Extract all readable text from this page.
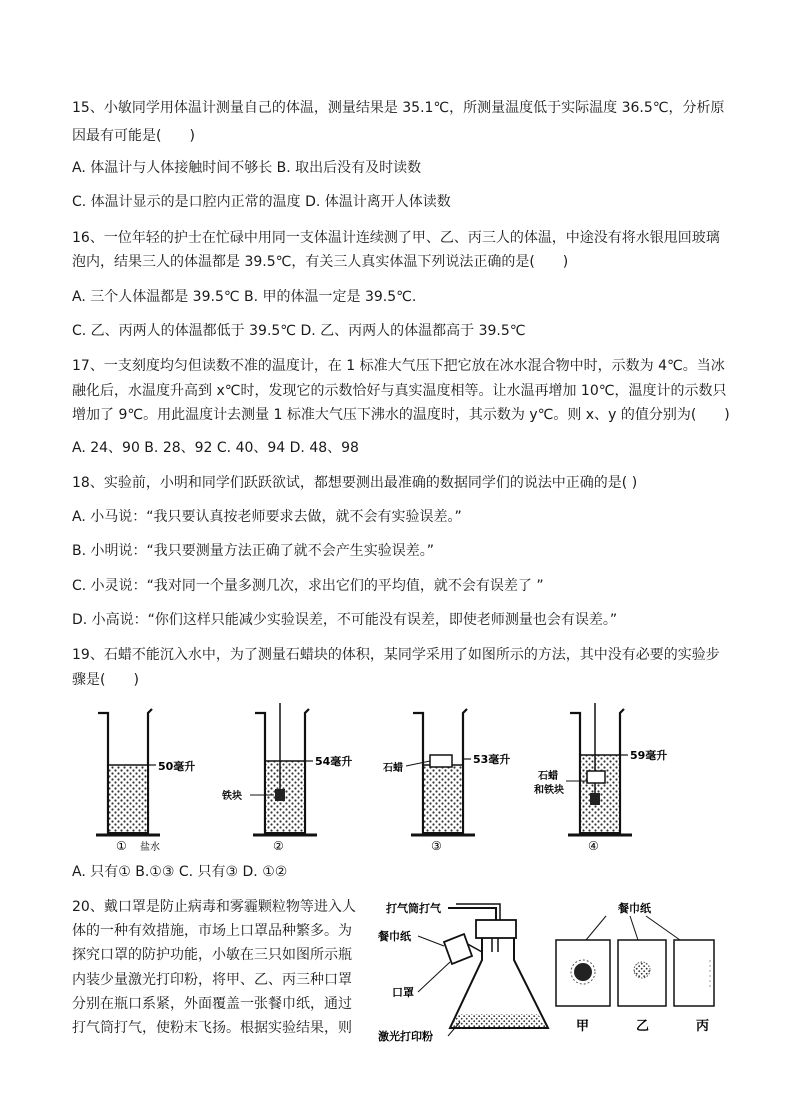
15、小敏同学用体温计测量自己的体温，测量结果是 35.1℃，所测量温度低于实际温度 36.5℃，分析原
因最有可能是(　　)
A. 体温计与人体接触时间不够长 B. 取出后没有及时读数
C. 体温计显示的是口腔内正常的温度 D. 体温计离开人体读数
16、一位年轻的护士在忙碌中用同一支体温计连续测了甲、乙、丙三人的体温，中途没有将水银甩回玻璃
泡内，结果三人的体温都是 39.5℃，有关三人真实体温下列说法正确的是(　　)
A. 三个人体温都是 39.5℃ B. 甲的体温一定是 39.5℃.
C. 乙、丙两人的体温都低于 39.5℃ D. 乙、丙两人的体温都高于 39.5℃
17、一支刻度均匀但读数不准的温度计，在 1 标准大气压下把它放在冰水混合物中时，示数为 4℃。当冰
融化后，水温度升高到 x℃时，发现它的示数恰好与真实温度相等。让水温再增加 10℃，温度计的示数只
增加了 9℃。用此温度计去测量 1 标准大气压下沸水的温度时，其示数为 y℃。则 x、y 的值分别为(　　)
A. 24、90 B. 28、92 C. 40、94 D. 48、98
18、实验前，小明和同学们跃跃欲试，都想要测出最准确的数据同学们的说法中正确的是( )
A. 小马说：“我只要认真按老师要求去做，就不会有实验误差。”
B. 小明说：“我只要测量方法正确了就不会产生实验误差。”
C. 小灵说：“我对同一个量多测几次，求出它们的平均值，就不会有误差了 ”
D. 小高说：“你们这样只能减少实验误差，不可能没有误差，即使老师测量也会有误差。”
19、石蜡不能沉入水中，为了测量石蜡块的体积，某同学采用了如图所示的方法，其中没有必要的实验步
骤是(　　)
50毫升
盐水
①
54毫升
铁块
②
53毫升
石蜡
③
59毫升
石蜡
和铁块
④
A. 只有① B.①③ C. 只有③ D. ①②
20、戴口罩是防止病毒和雾霾颗粒物等进入人
体的一种有效措施，市场上口罩品种繁多。为
探究口罩的防护功能，小敏在三只如图所示瓶
内装少量激光打印粉，将甲、乙、丙三种口罩
分别在瓶口系紧，外面覆盖一张餐巾纸，通过
打气筒打气，使粉末飞扬。根据实验结果，则
打气筒打气
餐巾纸
口罩
激光打印粉
餐巾纸
甲	乙	丙
